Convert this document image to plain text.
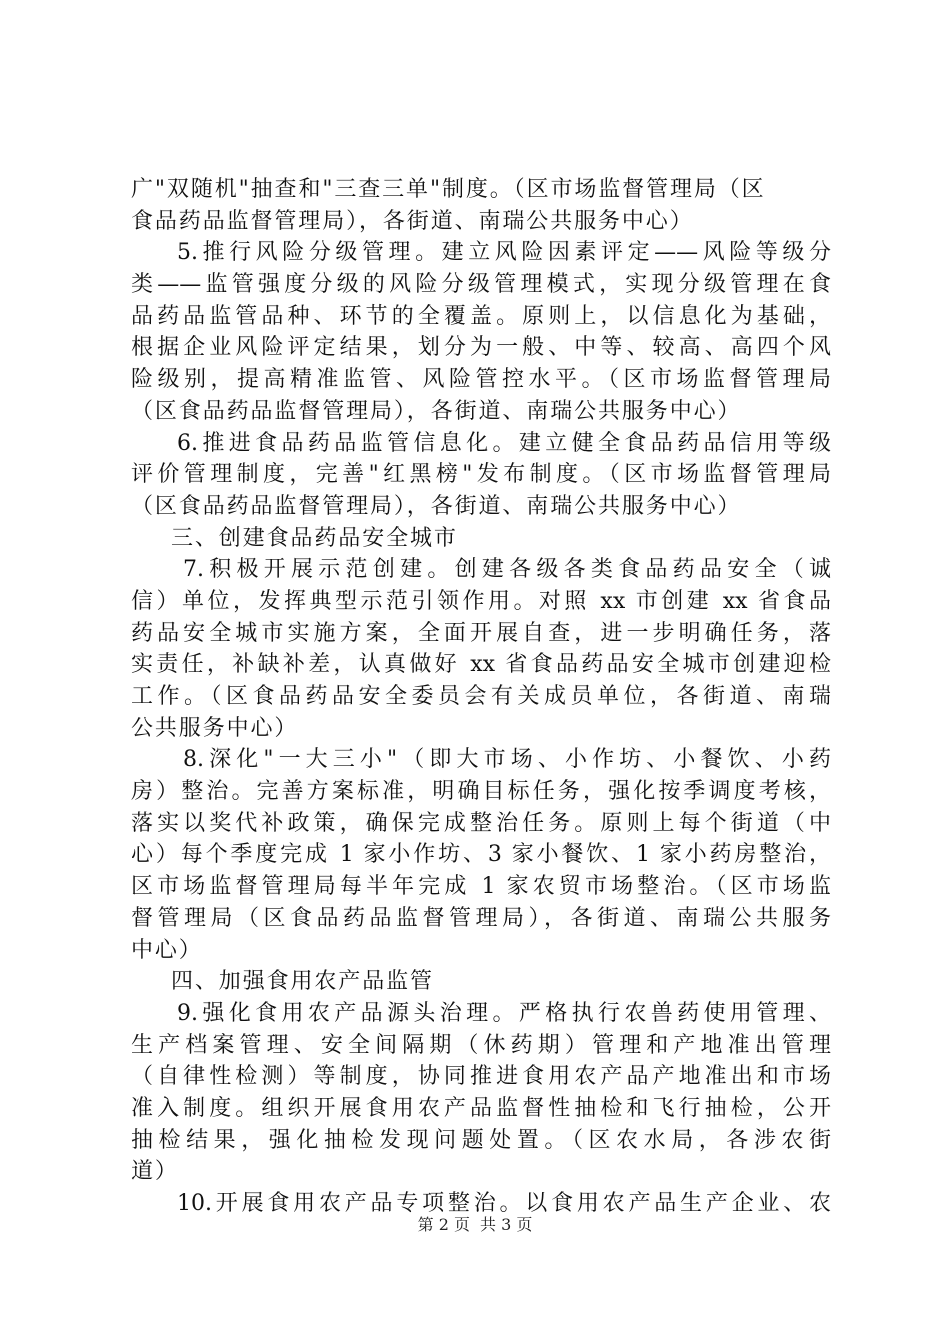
广"双随机"抽查和"三查三单"制度。（区市场监督管理局（区
食品药品监督管理局），各街道、南瑞公共服务中心）
5.推行风险分级管理。建立风险因素评定——风险等级分
类——监管强度分级的风险分级管理模式，实现分级管理在食
品药品监管品种、环节的全覆盖。原则上，以信息化为基础，
根据企业风险评定结果，划分为一般、中等、较高、高四个风
险级别，提高精准监管、风险管控水平。（区市场监督管理局
（区食品药品监督管理局），各街道、南瑞公共服务中心）
6.推进食品药品监管信息化。建立健全食品药品信用等级
评价管理制度，完善"红黑榜"发布制度。（区市场监督管理局
（区食品药品监督管理局），各街道、南瑞公共服务中心）
三、创建食品药品安全城市
7.积极开展示范创建。创建各级各类食品药品安全（诚
信）单位，发挥典型示范引领作用。对照 xx 市创建 xx 省食品
药品安全城市实施方案，全面开展自查，进一步明确任务，落
实责任，补缺补差，认真做好 xx 省食品药品安全城市创建迎检
工作。（区食品药品安全委员会有关成员单位，各街道、南瑞
公共服务中心）
8.深化"一大三小"（即大市场、小作坊、小餐饮、小药
房）整治。完善方案标准，明确目标任务，强化按季调度考核，
落实以奖代补政策，确保完成整治任务。原则上每个街道（中
心）每个季度完成 1 家小作坊、3 家小餐饮、1 家小药房整治，
区市场监督管理局每半年完成 1 家农贸市场整治。（区市场监
督管理局（区食品药品监督管理局），各街道、南瑞公共服务
中心）
四、加强食用农产品监管
9.强化食用农产品源头治理。严格执行农兽药使用管理、
生产档案管理、安全间隔期（休药期）管理和产地准出管理
（自律性检测）等制度，协同推进食用农产品产地准出和市场
准入制度。组织开展食用农产品监督性抽检和飞行抽检，公开
抽检结果，强化抽检发现问题处置。（区农水局，各涉农街
道）
10.开展食用农产品专项整治。以食用农产品生产企业、农
第 2 页 共 3 页
